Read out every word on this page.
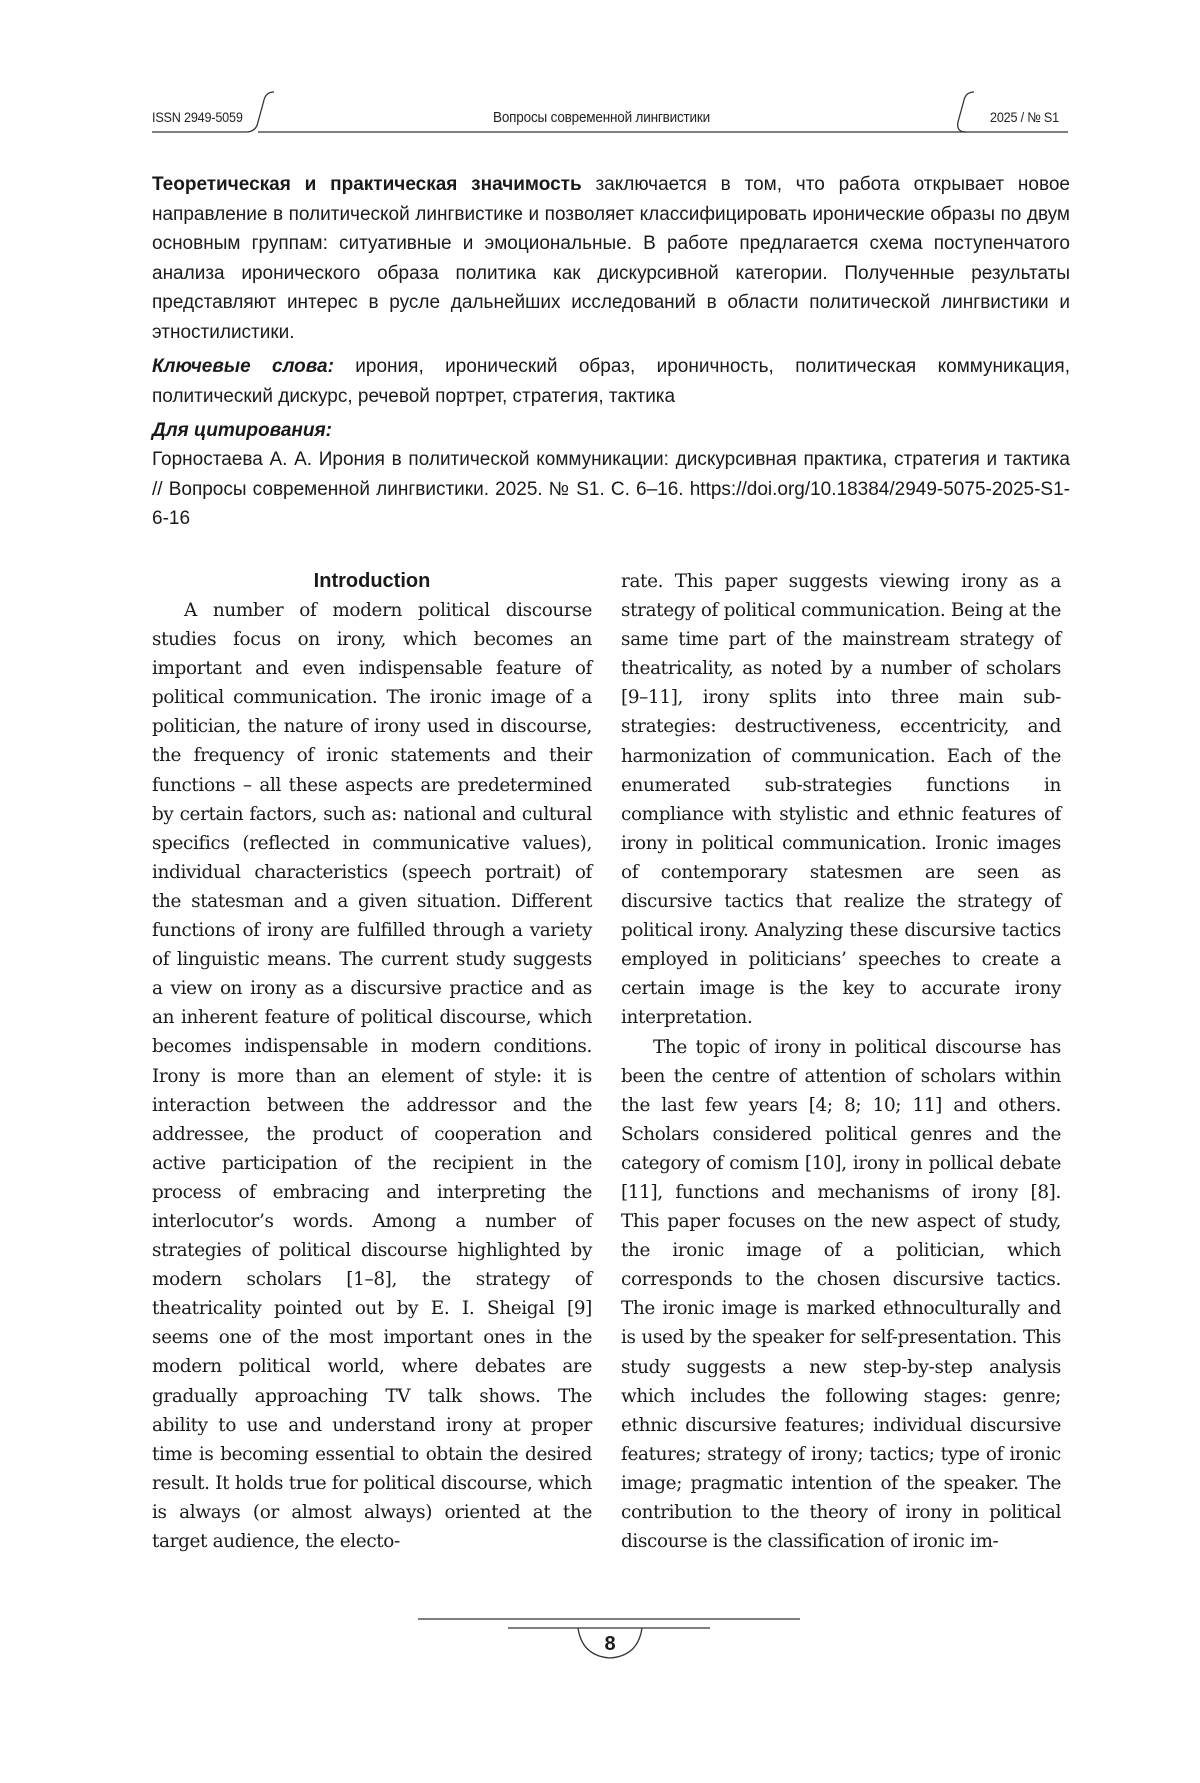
ISSN 2949-5059	Вопросы современной лингвистики	2025 / № S1

Теоретическая и практическая значимость заключается в том, что работа открывает новое направление в политической лингвистике и позволяет классифицировать иронические образы по двум основным группам: ситуативные и эмоциональные. В работе предлагается схема поступенчатого анализа иронического образа политика как дискурсивной категории. Полученные результаты представляют интерес в русле дальнейших исследований в области политической лингвистики и этностилистики.

Ключевые слова: ирония, иронический образ, ироничность, политическая коммуникация, политический дискурс, речевой портрет, стратегия, тактика

Для цитирования:

Горностаева А. А. Ирония в политической коммуникации: дискурсивная практика, стратегия и тактика // Вопросы современной лингвистики. 2025. № S1. С. 6–16. https://doi.org/10.18384/2949-5075-2025-S1-6-16

Introduction

A number of modern political discourse studies focus on irony, which becomes an important and even indispensable feature of political communication. The ironic image of a politician, the nature of irony used in discourse, the frequency of ironic statements and their functions – all these aspects are predetermined by certain factors, such as: national and cultural specifics (reflected in communicative values), individual characteristics (speech portrait) of the statesman and a given situation. Different functions of irony are fulfilled through a variety of linguistic means. The current study suggests a view on irony as a discursive practice and as an inherent feature of political discourse, which becomes indispensable in modern conditions. Irony is more than an element of style: it is interaction between the addressor and the addressee, the product of cooperation and active participation of the recipient in the process of embracing and interpreting the interlocutor’s words. Among a number of strategies of political discourse highlighted by modern scholars [1–8], the strategy of theatricality pointed out by E. I. Sheigal [9] seems one of the most important ones in the modern political world, where debates are gradually approaching TV talk shows. The ability to use and understand irony at proper time is becoming essential to obtain the desired result. It holds true for political discourse, which is always (or almost always) oriented at the target audience, the electo-

rate. This paper suggests viewing irony as a strategy of political communication. Being at the same time part of the mainstream strategy of theatricality, as noted by a number of scholars [9–11], irony splits into three main sub-strategies: destructiveness, eccentricity, and harmonization of communication. Each of the enumerated sub-strategies functions in compliance with stylistic and ethnic features of irony in political communication. Ironic images of contemporary statesmen are seen as discursive tactics that realize the strategy of political irony. Analyzing these discursive tactics employed in politicians’ speeches to create a certain image is the key to accurate irony interpretation.

The topic of irony in political discourse has been the centre of attention of scholars within the last few years [4; 8; 10; 11] and others. Scholars considered political genres and the category of comism [10], irony in pollical debate [11], functions and mechanisms of irony [8]. This paper focuses on the new aspect of study, the ironic image of a politician, which corresponds to the chosen discursive tactics. The ironic image is marked ethnoculturally and is used by the speaker for self-presentation. This study suggests a new step-by-step analysis which includes the following stages: genre; ethnic discursive features; individual discursive features; strategy of irony; tactics; type of ironic image; pragmatic intention of the speaker. The contribution to the theory of irony in political discourse is the classification of ironic im-

8
